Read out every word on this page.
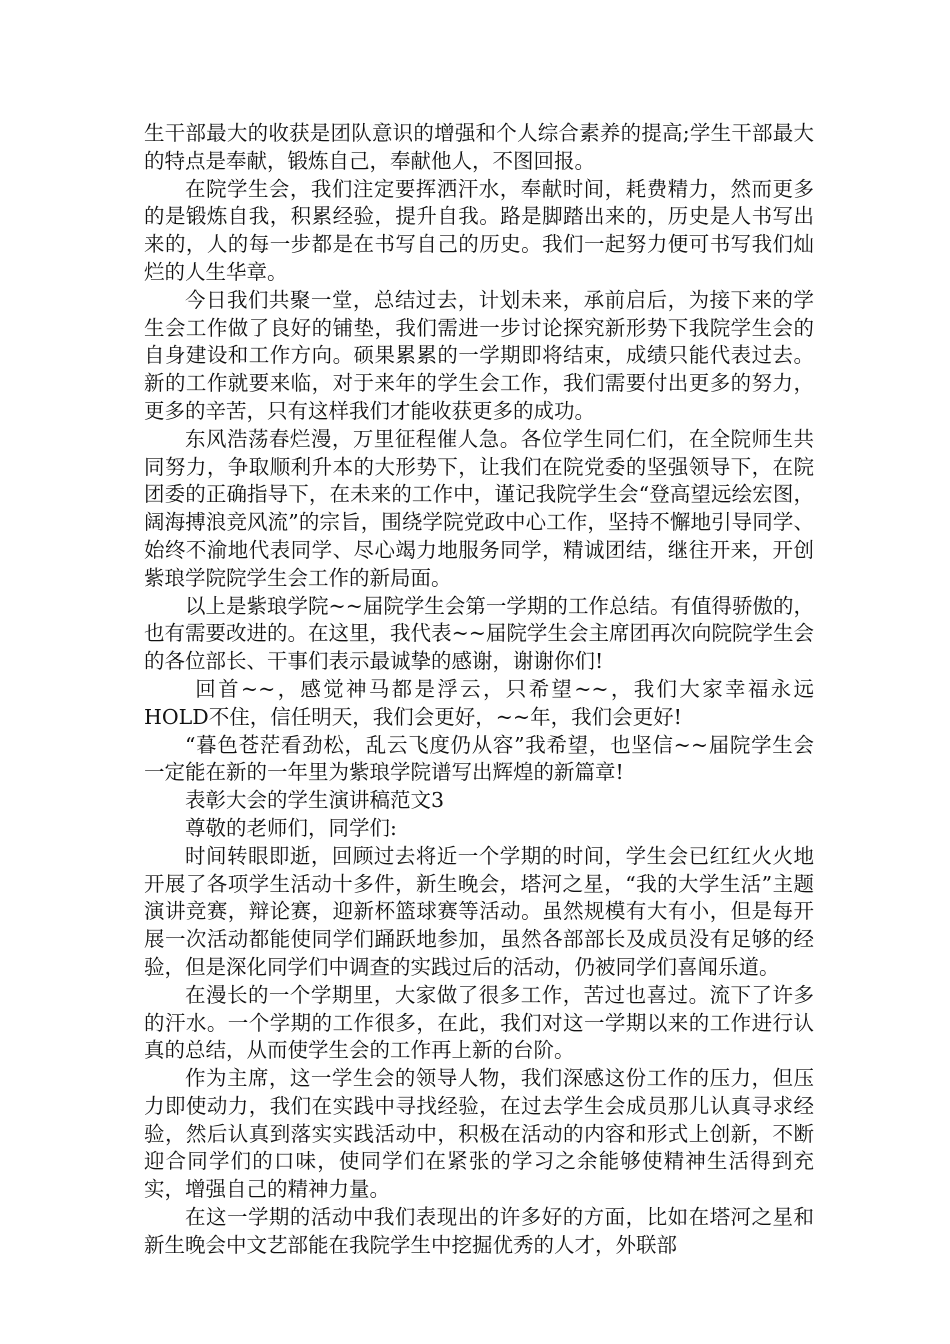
生干部最大的收获是团队意识的增强和个人综合素养的提高;学生干部最大的特点是奉献，锻炼自己，奉献他人，不图回报。

在院学生会，我们注定要挥洒汗水，奉献时间，耗费精力，然而更多的是锻炼自我，积累经验，提升自我。路是脚踏出来的，历史是人书写出来的，人的每一步都是在书写自己的历史。我们一起努力便可书写我们灿烂的人生华章。

今日我们共聚一堂，总结过去，计划未来，承前启后，为接下来的学生会工作做了良好的铺垫，我们需进一步讨论探究新形势下我院学生会的自身建设和工作方向。硕果累累的一学期即将结束，成绩只能代表过去。新的工作就要来临，对于来年的学生会工作，我们需要付出更多的努力，更多的辛苦，只有这样我们才能收获更多的成功。

东风浩荡春烂漫，万里征程催人急。各位学生同仁们，在全院师生共同努力，争取顺利升本的大形势下，让我们在院党委的坚强领导下，在院团委的正确指导下，在未来的工作中，谨记我院学生会“登高望远绘宏图，阔海搏浪竞风流”的宗旨，围绕学院党政中心工作，坚持不懈地引导同学、始终不渝地代表同学、尽心竭力地服务同学，精诚团结，继往开来，开创紫琅学院院学生会工作的新局面。

以上是紫琅学院~~届院学生会第一学期的工作总结。有值得骄傲的，也有需要改进的。在这里，我代表~~届院学生会主席团再次向院院学生会的各位部长、干事们表示最诚挚的感谢，谢谢你们!

回首~~，感觉神马都是浮云，只希望~~，我们大家幸福永远HOLD不住，信任明天，我们会更好，~~年，我们会更好!

“暮色苍茫看劲松，乱云飞度仍从容”我希望，也坚信~~届院学生会一定能在新的一年里为紫琅学院谱写出辉煌的新篇章!

表彰大会的学生演讲稿范文3

尊敬的老师们，同学们:

时间转眼即逝，回顾过去将近一个学期的时间，学生会已红红火火地开展了各项学生活动十多件，新生晚会，塔河之星，“我的大学生活”主题演讲竞赛，辩论赛，迎新杯篮球赛等活动。虽然规模有大有小，但是每开展一次活动都能使同学们踊跃地参加，虽然各部部长及成员没有足够的经验，但是深化同学们中调查的实践过后的活动，仍被同学们喜闻乐道。

在漫长的一个学期里，大家做了很多工作，苦过也喜过。流下了许多的汗水。一个学期的工作很多，在此，我们对这一学期以来的工作进行认真的总结，从而使学生会的工作再上新的台阶。

作为主席，这一学生会的领导人物，我们深感这份工作的压力，但压力即使动力，我们在实践中寻找经验，在过去学生会成员那儿认真寻求经验，然后认真到落实实践活动中，积极在活动的内容和形式上创新，不断迎合同学们的口味，使同学们在紧张的学习之余能够使精神生活得到充实，增强自己的精神力量。

在这一学期的活动中我们表现出的许多好的方面，比如在塔河之星和新生晚会中文艺部能在我院学生中挖掘优秀的人才，外联部
